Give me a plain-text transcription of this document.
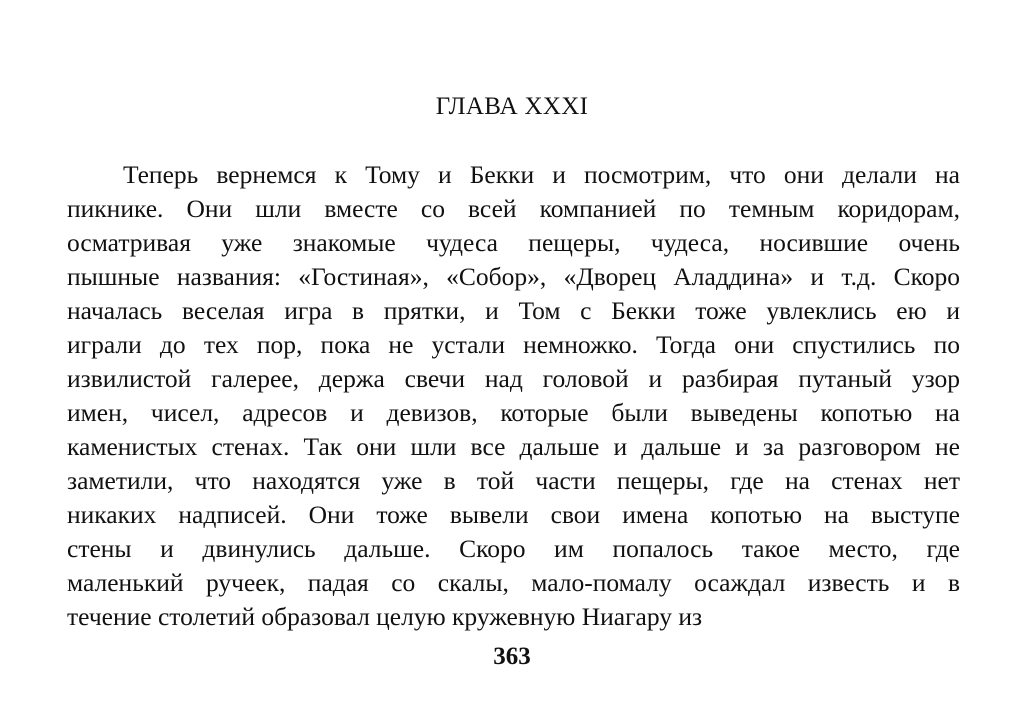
ГЛАВА XXXI
Теперь вернемся к Тому и Бекки и посмотрим, что они делали на
пикнике. Они шли вместе со всей компанией по темным коридорам,
осматривая уже знакомые чудеса пещеры, чудеса, носившие очень
пышные названия: «Гостиная», «Собор», «Дворец Аладдина» и т.д. Скоро
началась веселая игра в прятки, и Том с Бекки тоже увлеклись ею и
играли до тех пор, пока не устали немножко. Тогда они спустились по
извилистой галерее, держа свечи над головой и разбирая путаный узор
имен, чисел, адресов и девизов, которые были выведены копотью на
каменистых стенах. Так они шли все дальше и дальше и за разговором не
заметили, что находятся уже в той части пещеры, где на стенах нет
никаких надписей. Они тоже вывели свои имена копотью на выступе
стены и двинулись дальше. Скоро им попалось такое место, где
маленький ручеек, падая со скалы, мало-помалу осаждал известь и в
течение столетий образовал целую кружевную Ниагару из
363
